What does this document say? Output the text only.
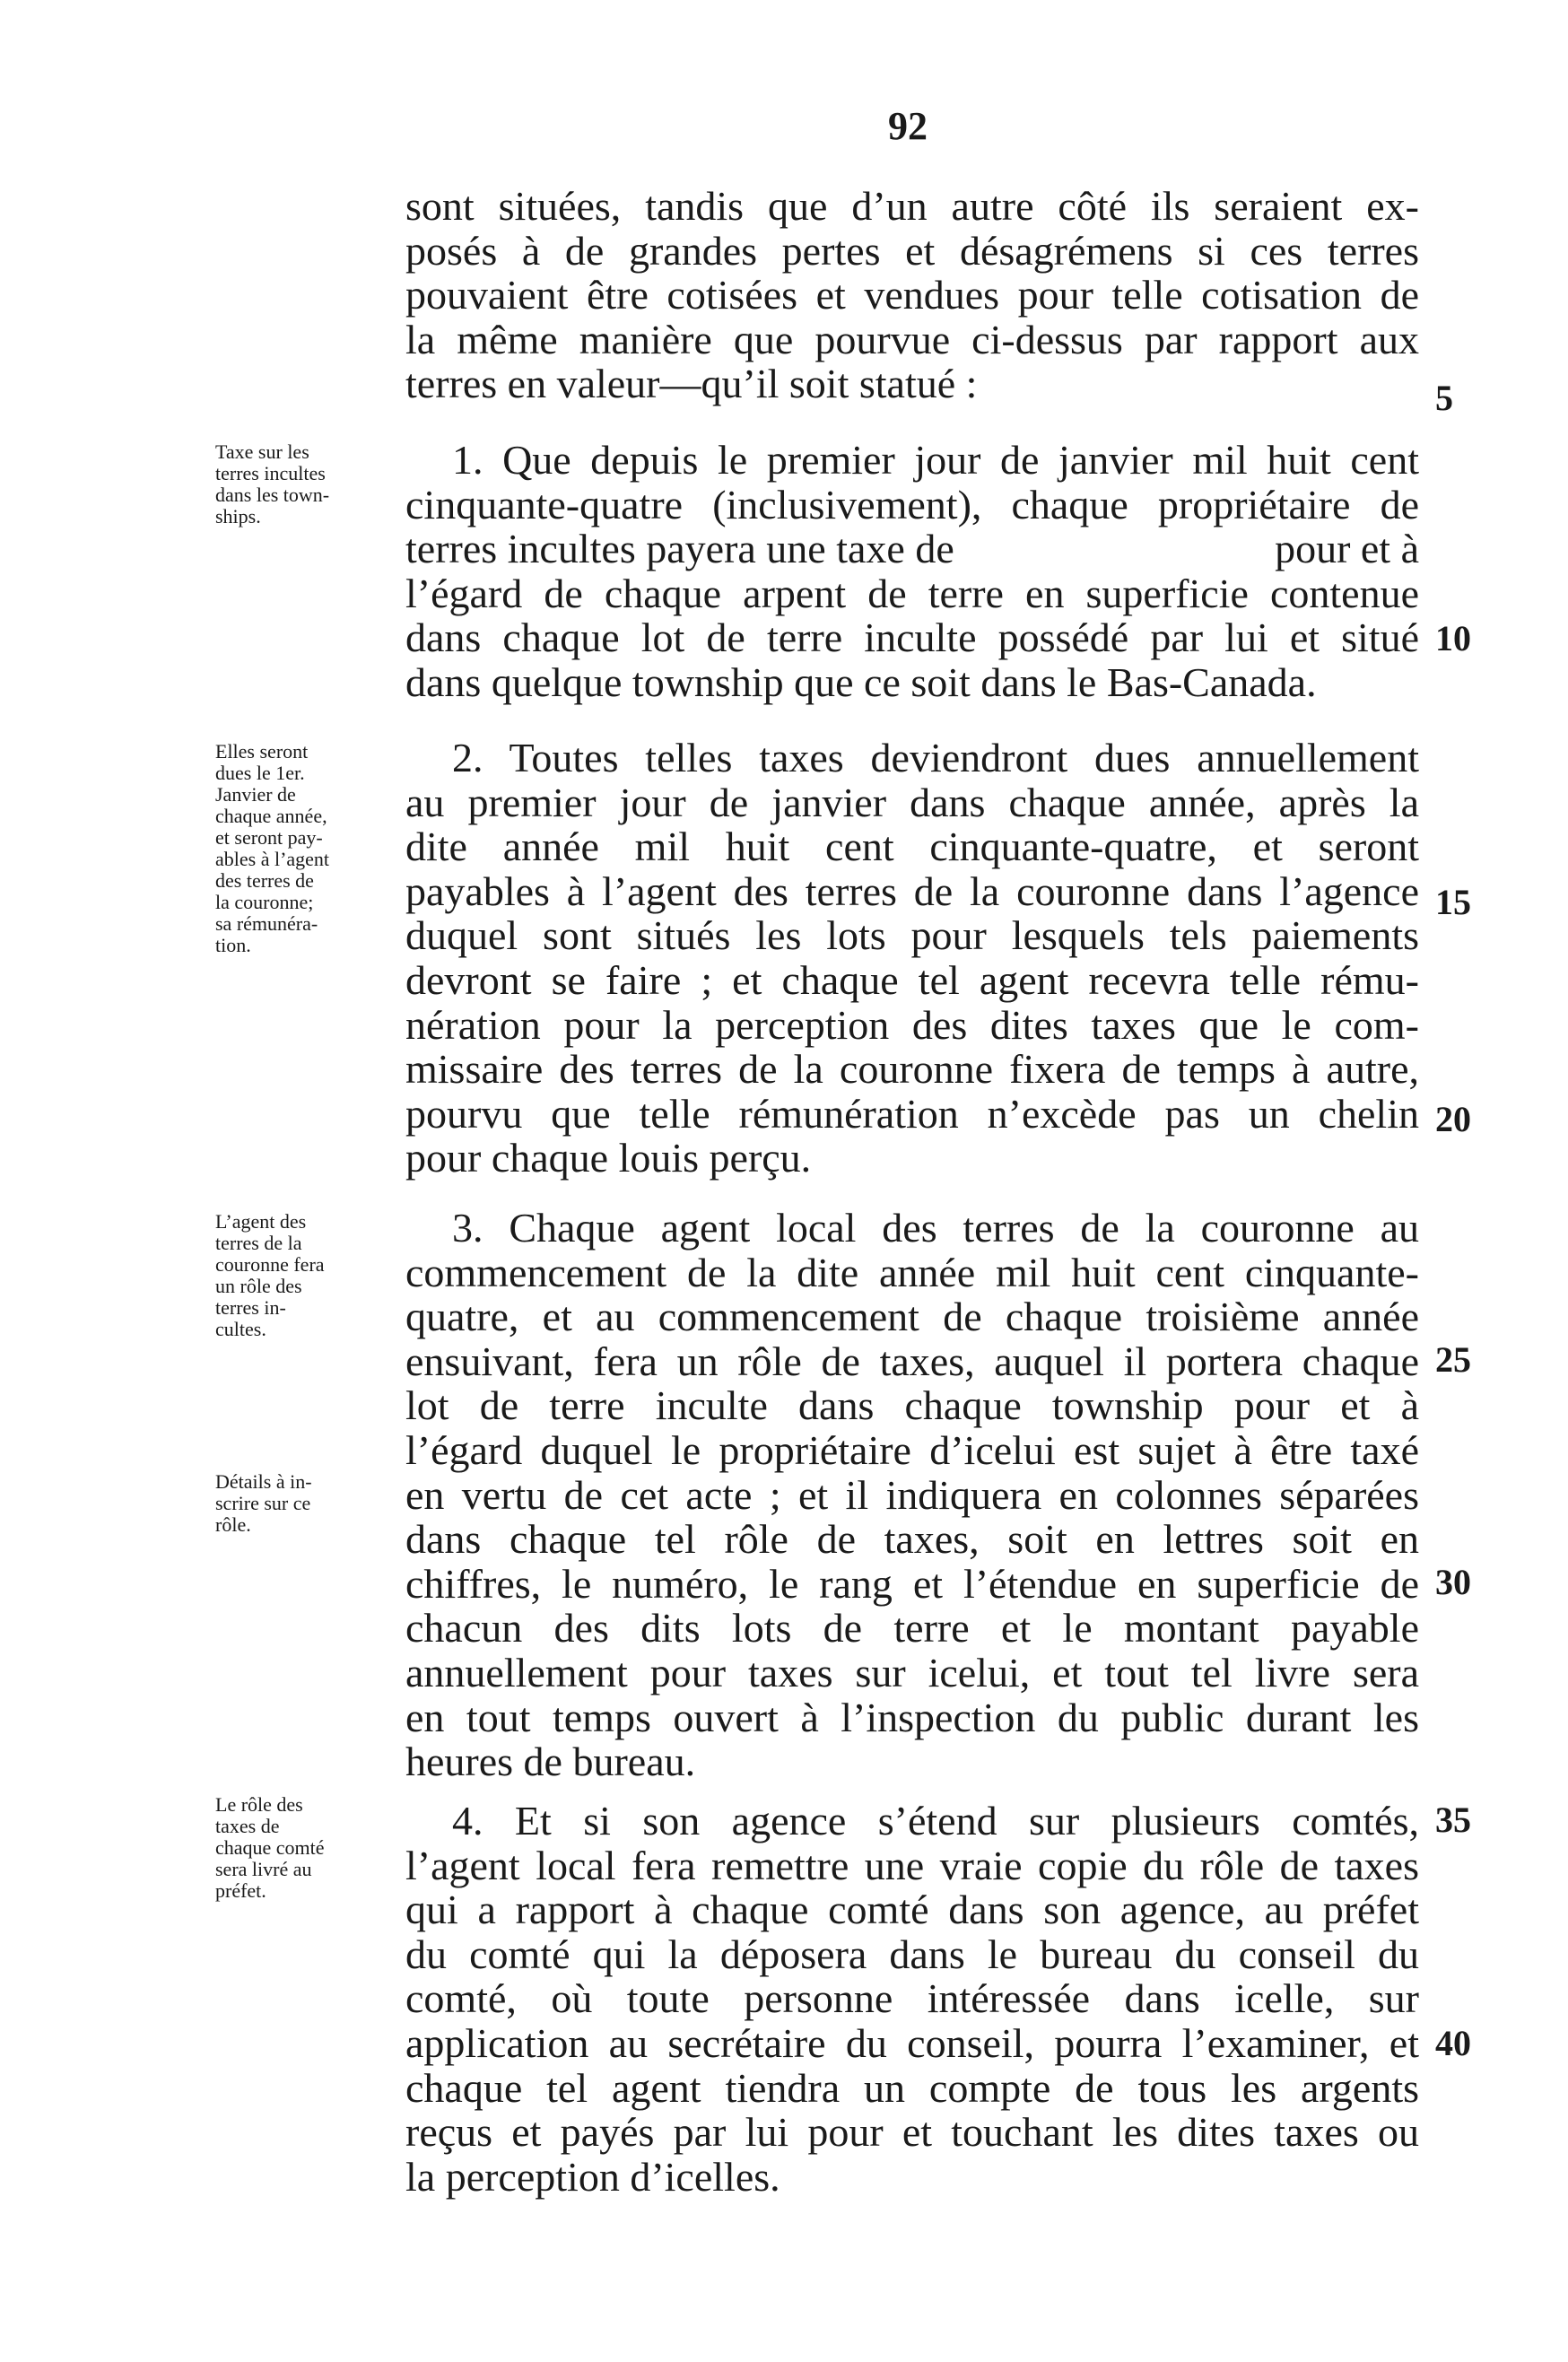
92
sont situées, tandis que d’un autre côté ils seraient ex-
posés à de grandes pertes et désagrémens si ces terres
pouvaient être cotisées et vendues pour telle cotisation de
la même manière que pourvue ci-dessus par rapport aux
terres en valeur—qu’il soit statué :
Taxe sur les
terres incultes
dans les town-
ships.
1. Que depuis le premier jour de janvier mil huit cent
cinquante-quatre (inclusivement), chaque propriétaire de
terres incultes payera une taxe de	pour et à
l’égard de chaque arpent de terre en superficie contenue
dans chaque lot de terre inculte possédé par lui et situé
dans quelque township que ce soit dans le Bas-Canada.
Elles seront
dues le 1er.
Janvier de
chaque année,
et seront pay-
ables à l’agent
des terres de
la couronne;
sa rémunéra-
tion.
2. Toutes telles taxes deviendront dues annuellement
au premier jour de janvier dans chaque année, après la
dite année mil huit cent cinquante-quatre, et seront
payables à l’agent des terres de la couronne dans l’agence
duquel sont situés les lots pour lesquels tels paiements
devront se faire ; et chaque tel agent recevra telle rému-
nération pour la perception des dites taxes que le com-
missaire des terres de la couronne fixera de temps à autre,
pourvu que telle rémunération n’excède pas un chelin
pour chaque louis perçu.
L’agent des
terres de la
couronne fera
un rôle des
terres in-
cultes.
Détails à in-
scrire sur ce
rôle.
3. Chaque agent local des terres de la couronne au
commencement de la dite année mil huit cent cinquante-
quatre, et au commencement de chaque troisième année
ensuivant, fera un rôle de taxes, auquel il portera chaque
lot de terre inculte dans chaque township pour et à
l’égard duquel le propriétaire d’icelui est sujet à être taxé
en vertu de cet acte ; et il indiquera en colonnes séparées
dans chaque tel rôle de taxes, soit en lettres soit en
chiffres, le numéro, le rang et l’étendue en superficie de
chacun des dits lots de terre et le montant payable
annuellement pour taxes sur icelui, et tout tel livre sera
en tout temps ouvert à l’inspection du public durant les
heures de bureau.
Le rôle des
taxes de
chaque comté
sera livré au
préfet.
4. Et si son agence s’étend sur plusieurs comtés,
l’agent local fera remettre une vraie copie du rôle de taxes
qui a rapport à chaque comté dans son agence, au préfet
du comté qui la déposera dans le bureau du conseil du
comté, où toute personne intéressée dans icelle, sur
application au secrétaire du conseil, pourra l’examiner, et
chaque tel agent tiendra un compte de tous les argents
reçus et payés par lui pour et touchant les dites taxes ou
la perception d’icelles.
5
10
15
20
25
30
35
40
